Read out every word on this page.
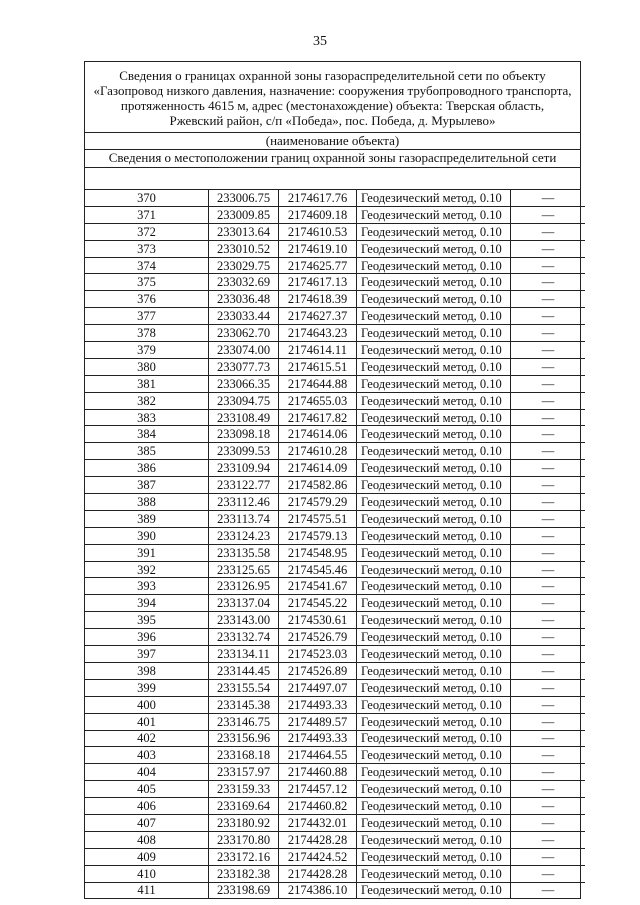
35
Сведения о границах охранной зоны газораспределительной сети по объекту
«Газопровод низкого давления, назначение: сооружения трубопроводного транспорта,
протяженность 4615 м, адрес (местонахождение) объекта: Тверская область,
Ржевский район, с/п «Победа», пос. Победа, д. Мурылево»
(наименование объекта)
Сведения о местоположении границ охранной зоны газораспределительной сети
370	233006.75	2174617.76	Геодезический метод, 0.10	—
371	233009.85	2174609.18	Геодезический метод, 0.10	—
372	233013.64	2174610.53	Геодезический метод, 0.10	—
373	233010.52	2174619.10	Геодезический метод, 0.10	—
374	233029.75	2174625.77	Геодезический метод, 0.10	—
375	233032.69	2174617.13	Геодезический метод, 0.10	—
376	233036.48	2174618.39	Геодезический метод, 0.10	—
377	233033.44	2174627.37	Геодезический метод, 0.10	—
378	233062.70	2174643.23	Геодезический метод, 0.10	—
379	233074.00	2174614.11	Геодезический метод, 0.10	—
380	233077.73	2174615.51	Геодезический метод, 0.10	—
381	233066.35	2174644.88	Геодезический метод, 0.10	—
382	233094.75	2174655.03	Геодезический метод, 0.10	—
383	233108.49	2174617.82	Геодезический метод, 0.10	—
384	233098.18	2174614.06	Геодезический метод, 0.10	—
385	233099.53	2174610.28	Геодезический метод, 0.10	—
386	233109.94	2174614.09	Геодезический метод, 0.10	—
387	233122.77	2174582.86	Геодезический метод, 0.10	—
388	233112.46	2174579.29	Геодезический метод, 0.10	—
389	233113.74	2174575.51	Геодезический метод, 0.10	—
390	233124.23	2174579.13	Геодезический метод, 0.10	—
391	233135.58	2174548.95	Геодезический метод, 0.10	—
392	233125.65	2174545.46	Геодезический метод, 0.10	—
393	233126.95	2174541.67	Геодезический метод, 0.10	—
394	233137.04	2174545.22	Геодезический метод, 0.10	—
395	233143.00	2174530.61	Геодезический метод, 0.10	—
396	233132.74	2174526.79	Геодезический метод, 0.10	—
397	233134.11	2174523.03	Геодезический метод, 0.10	—
398	233144.45	2174526.89	Геодезический метод, 0.10	—
399	233155.54	2174497.07	Геодезический метод, 0.10	—
400	233145.38	2174493.33	Геодезический метод, 0.10	—
401	233146.75	2174489.57	Геодезический метод, 0.10	—
402	233156.96	2174493.33	Геодезический метод, 0.10	—
403	233168.18	2174464.55	Геодезический метод, 0.10	—
404	233157.97	2174460.88	Геодезический метод, 0.10	—
405	233159.33	2174457.12	Геодезический метод, 0.10	—
406	233169.64	2174460.82	Геодезический метод, 0.10	—
407	233180.92	2174432.01	Геодезический метод, 0.10	—
408	233170.80	2174428.28	Геодезический метод, 0.10	—
409	233172.16	2174424.52	Геодезический метод, 0.10	—
410	233182.38	2174428.28	Геодезический метод, 0.10	—
411	233198.69	2174386.10	Геодезический метод, 0.10	—
